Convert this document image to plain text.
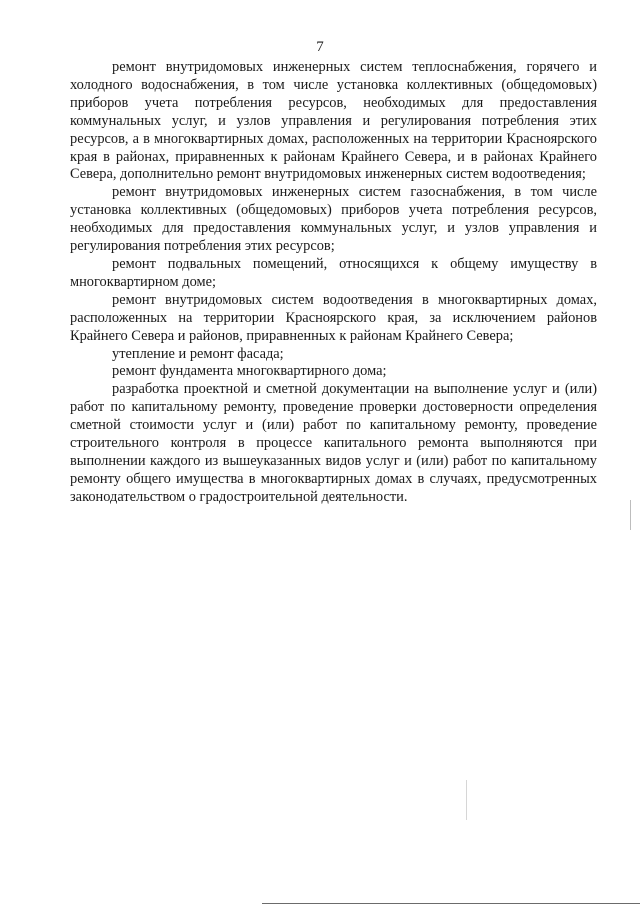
7

ремонт внутридомовых инженерных систем теплоснабжения, горячего и холодного водоснабжения, в том числе установка коллективных (общедомовых) приборов учета потребления ресурсов, необходимых для предоставления коммунальных услуг, и узлов управления и регулирования потребления этих ресурсов, а в многоквартирных домах, расположенных на территории Красноярского края в районах, приравненных к районам Крайнего Севера, и в районах Крайнего Севера, дополнительно ремонт внутридомовых инженерных систем водоотведения;

ремонт внутридомовых инженерных систем газоснабжения, в том числе установка коллективных (общедомовых) приборов учета потребления ресурсов, необходимых для предоставления коммунальных услуг, и узлов управления и регулирования потребления этих ресурсов;

ремонт подвальных помещений, относящихся к общему имуществу в многоквартирном доме;

ремонт внутридомовых систем водоотведения в многоквартирных домах, расположенных на территории Красноярского края, за исключением районов Крайнего Севера и районов, приравненных к районам Крайнего Севера;

утепление и ремонт фасада;

ремонт фундамента многоквартирного дома;

разработка проектной и сметной документации на выполнение услуг и (или) работ по капитальному ремонту, проведение проверки достоверности определения сметной стоимости услуг и (или) работ по капитальному ремонту, проведение строительного контроля в процессе капитального ремонта выполняются при выполнении каждого из вышеуказанных видов услуг и (или) работ по капитальному ремонту общего имущества в многоквартирных домах в случаях, предусмотренных законодательством о градостроительной деятельности.
